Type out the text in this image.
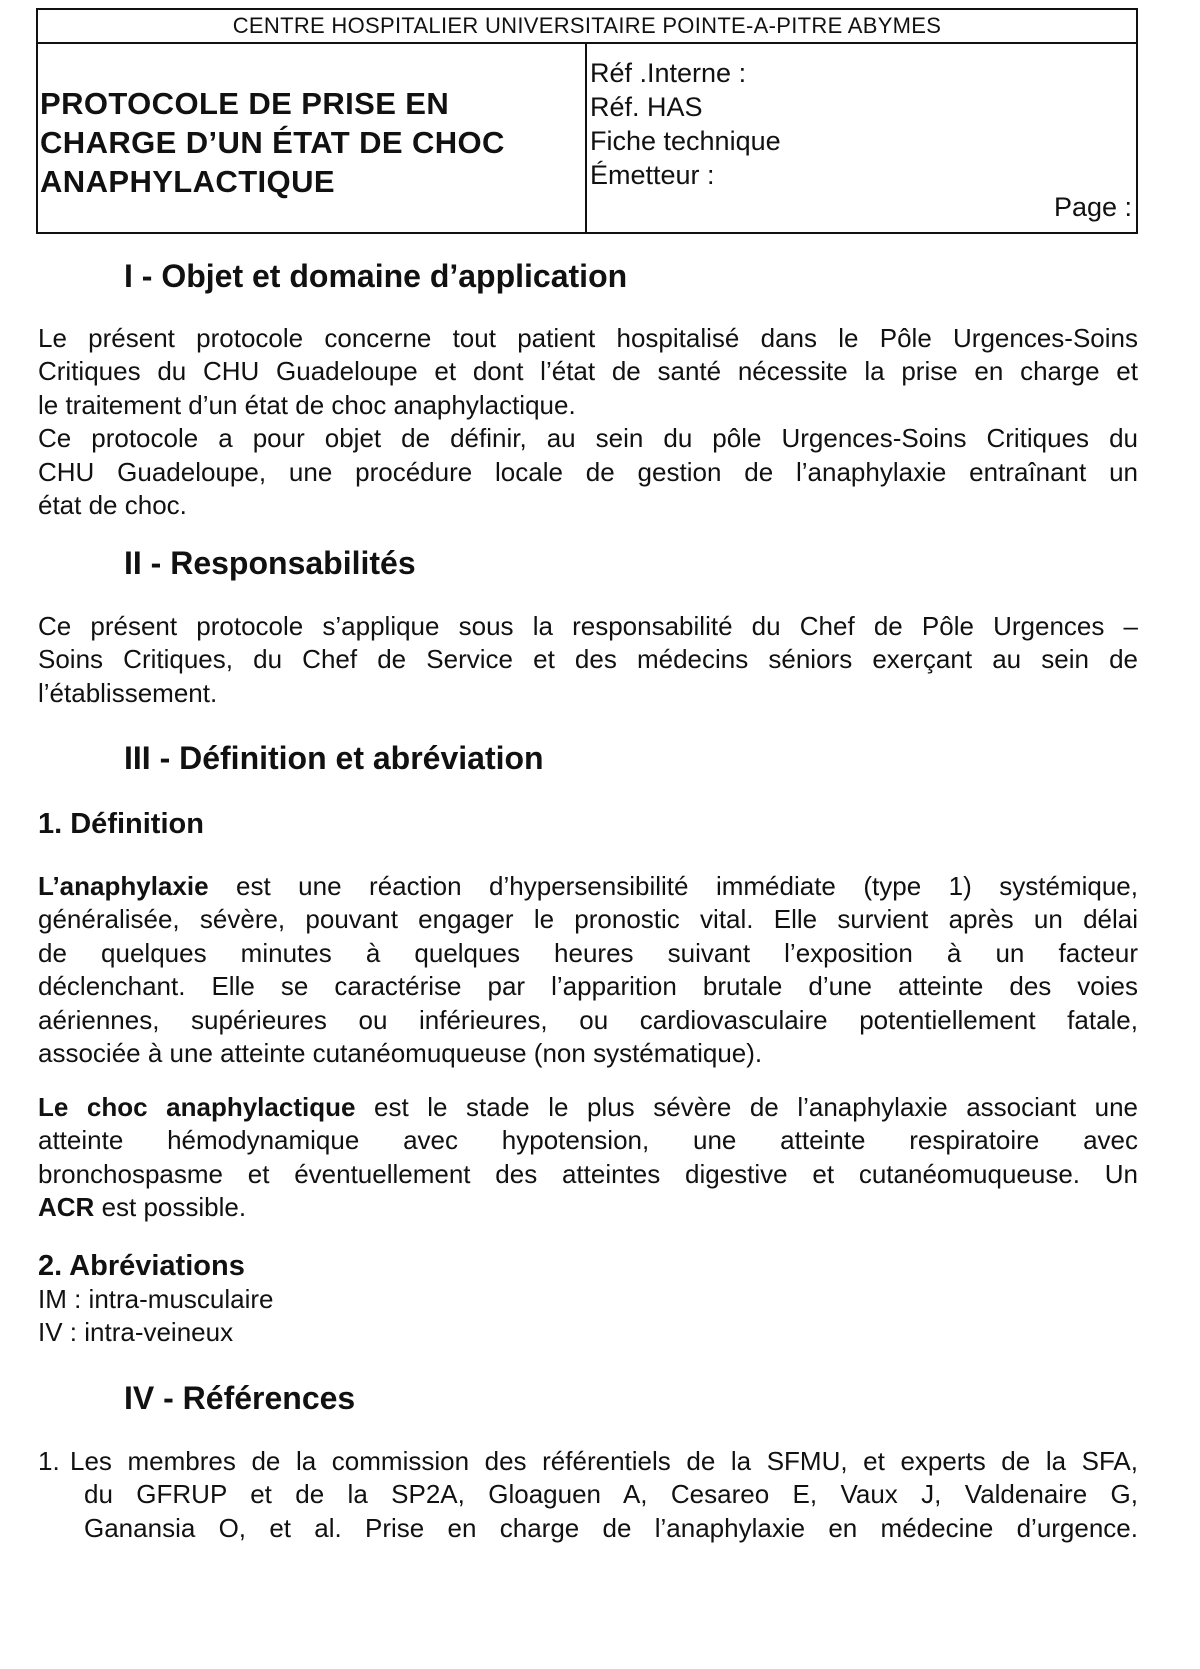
CENTRE HOSPITALIER UNIVERSITAIRE POINTE-A-PITRE ABYMES
PROTOCOLE DE PRISE EN
CHARGE D’UN ÉTAT DE CHOC
ANAPHYLACTIQUE
Réf .Interne :
Réf. HAS
Fiche technique
Émetteur :
Page :
I - Objet et domaine d’application
Le présent protocole concerne tout patient hospitalisé dans le Pôle Urgences-Soins
Critiques du CHU Guadeloupe et dont l’état de santé nécessite la prise en charge et
le traitement d’un état de choc anaphylactique.
Ce protocole a pour objet de définir, au sein du pôle Urgences-Soins Critiques du
CHU Guadeloupe, une procédure locale de gestion de l’anaphylaxie entraînant un
état de choc.
II - Responsabilités
Ce présent protocole s’applique sous la responsabilité du Chef de Pôle Urgences –
Soins Critiques, du Chef de Service et des médecins séniors exerçant au sein de
l’établissement.
III - Définition et abréviation
1. Définition
L’anaphylaxie est une réaction d’hypersensibilité immédiate (type 1) systémique,
généralisée, sévère, pouvant engager le pronostic vital. Elle survient après un délai
de quelques minutes à quelques heures suivant l’exposition à un facteur
déclenchant. Elle se caractérise par l’apparition brutale d’une atteinte des voies
aériennes, supérieures ou inférieures, ou cardiovasculaire potentiellement fatale,
associée à une atteinte cutanéomuqueuse (non systématique).
Le choc anaphylactique est le stade le plus sévère de l’anaphylaxie associant une
atteinte hémodynamique avec hypotension, une atteinte respiratoire avec
bronchospasme et éventuellement des atteintes digestive et cutanéomuqueuse. Un
ACR est possible.
2. Abréviations
IM : intra-musculaire
IV : intra-veineux
IV - Références
1. Les membres de la commission des référentiels de la SFMU, et experts de la SFA,
du GFRUP et de la SP2A, Gloaguen A, Cesareo E, Vaux J, Valdenaire G,
Ganansia O, et al. Prise en charge de l’anaphylaxie en médecine d’urgence.
